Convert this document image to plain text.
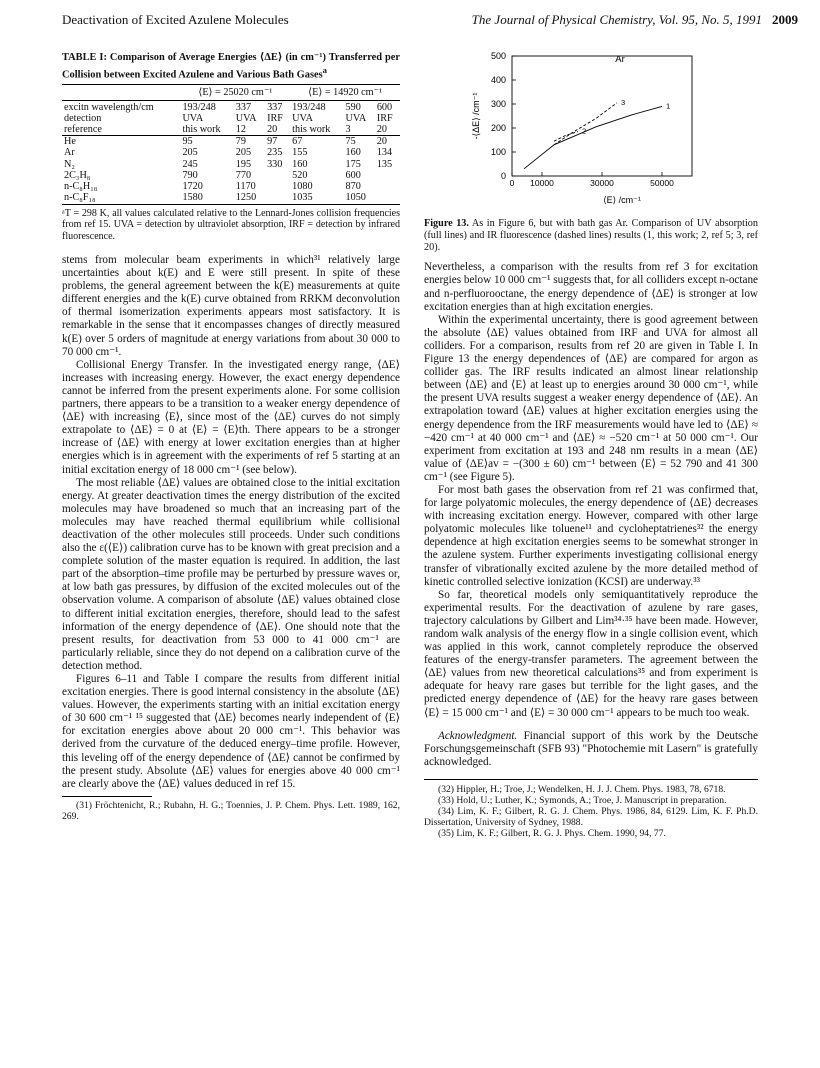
Deactivation of Excited Azulene Molecules	The Journal of Physical Chemistry, Vol. 95, No. 5, 1991 2009
TABLE I: Comparison of Average Energies ⟨ΔE⟩ (in cm⁻¹) Transferred per Collision between Excited Azulene and Various Bath Gases$^a$
	⟨E⟩ = 25020 cm⁻¹			⟨E⟩ = 14920 cm⁻¹		
excitn wavelength/cm	193/248	337	337	193/248	590	600
detection	UVA	UVA	IRF	UVA	UVA	IRF
reference	this work	12	20	this work	3	20
He	95	79	97	67	75	20
Ar	205	205	235	155	160	134
N₂	245	195	330	160	175	135
2C₃H₈	790	770		520	600	
n-C₈H₁₈	1720	1170		1080	870	
n-C₈F₁₈	1580	1250		1035	1050	
ᵃT = 298 K, all values calculated relative to the Lennard-Jones collision frequencies from ref 15. UVA = detection by ultraviolet absorption, IRF = detection by infrared fluorescence.

stems from molecular beam experiments in which³¹ relatively large uncertainties about k(E) and E were still present. In spite of these problems, the general agreement between the k(E) measurements at quite different energies and the k(E) curve obtained from RRKM deconvolution of thermal isomerization experiments appears most satisfactory. It is remarkable in the sense that it encompasses changes of directly measured k(E) over 5 orders of magnitude at energy variations from about 30 000 to 70 000 cm⁻¹.

Collisional Energy Transfer. In the investigated energy range, ⟨ΔE⟩ increases with increasing energy. However, the exact energy dependence cannot be inferred from the present experiments alone. For some collision partners, there appears to be a transition to a weaker energy dependence of ⟨ΔE⟩ with increasing ⟨E⟩, since most of the ⟨ΔE⟩ curves do not simply extrapolate to ⟨ΔE⟩ = 0 at ⟨E⟩ = ⟨E⟩th. There appears to be a stronger increase of ⟨ΔE⟩ with energy at lower excitation energies than at higher energies which is in agreement with the experiments of ref 5 starting at an initial excitation energy of 18 000 cm⁻¹ (see below).

The most reliable ⟨ΔE⟩ values are obtained close to the initial excitation energy. At greater deactivation times the energy distribution of the excited molecules may have broadened so much that an increasing part of the molecules may have reached thermal equilibrium while collisional deactivation of the other molecules still proceeds. Under such conditions also the ε(⟨E⟩) calibration curve has to be known with great precision and a complete solution of the master equation is required. In addition, the last part of the absorption–time profile may be perturbed by pressure waves or, at low bath gas pressures, by diffusion of the excited molecules out of the observation volume. A comparison of absolute ⟨ΔE⟩ values obtained close to different initial excitation energies, therefore, should lead to the safest information of the energy dependence of ⟨ΔE⟩. One should note that the present results, for deactivation from 53 000 to 41 000 cm⁻¹ are particularly reliable, since they do not depend on a calibration curve of the detection method.

Figures 6–11 and Table I compare the results from different initial excitation energies. There is good internal consistency in the absolute ⟨ΔE⟩ values. However, the experiments starting with an initial excitation energy of 30 600 cm⁻¹ ¹⁵ suggested that ⟨ΔE⟩ becomes nearly independent of ⟨E⟩ for excitation energies above about 20 000 cm⁻¹. This behavior was derived from the curvature of the deduced energy–time profile. However, this leveling off of the energy dependence of ⟨ΔE⟩ cannot be confirmed by the present study. Absolute ⟨ΔE⟩ values for energies above 40 000 cm⁻¹ are clearly above the ⟨ΔE⟩ values deduced in ref 15.

(31) Fröchtenicht, R.; Rubahn, H. G.; Toennies, J. P. Chem. Phys. Lett. 1989, 162, 269.
0
100
200
300
400
500
0 10000	30000	50000
⟨E⟩ /cm⁻¹
-⟨ΔE⟩ /cm⁻¹
Ar
1
2
3
Figure 13. As in Figure 6, but with bath gas Ar. Comparison of UV absorption (full lines) and IR fluorescence (dashed lines) results (1, this work; 2, ref 5; 3, ref 20).

Nevertheless, a comparison with the results from ref 3 for excitation energies below 10 000 cm⁻¹ suggests that, for all colliders except n-octane and n-perfluorooctane, the energy dependence of ⟨ΔE⟩ is stronger at low excitation energies than at high excitation energies.

Within the experimental uncertainty, there is good agreement between the absolute ⟨ΔE⟩ values obtained from IRF and UVA for almost all colliders. For a comparison, results from ref 20 are given in Table I. In Figure 13 the energy dependences of ⟨ΔE⟩ are compared for argon as collider gas. The IRF results indicated an almost linear relationship between ⟨ΔE⟩ and ⟨E⟩ at least up to energies around 30 000 cm⁻¹, while the present UVA results suggest a weaker energy dependence of ⟨ΔE⟩. An extrapolation toward ⟨ΔE⟩ values at higher excitation energies using the energy dependence from the IRF measurements would have led to ⟨ΔE⟩ ≈ −420 cm⁻¹ at 40 000 cm⁻¹ and ⟨ΔE⟩ ≈ −520 cm⁻¹ at 50 000 cm⁻¹. Our experiment from excitation at 193 and 248 nm results in a mean ⟨ΔE⟩ value of ⟨ΔE⟩av = −(300 ± 60) cm⁻¹ between ⟨E⟩ = 52 790 and 41 300 cm⁻¹ (see Figure 5).

For most bath gases the observation from ref 21 was confirmed that, for large polyatomic molecules, the energy dependence of ⟨ΔE⟩ decreases with increasing excitation energy. However, compared with other large polyatomic molecules like toluene¹¹ and cycloheptatrienes³² the energy dependence at high excitation energies seems to be somewhat stronger in the azulene system. Further experiments investigating collisional energy transfer of vibrationally excited azulene by the more detailed method of kinetic controlled selective ionization (KCSI) are underway.³³

So far, theoretical models only semiquantitatively reproduce the experimental results. For the deactivation of azulene by rare gases, trajectory calculations by Gilbert and Lim³⁴·³⁵ have been made. However, random walk analysis of the energy flow in a single collision event, which was applied in this work, cannot completely reproduce the observed features of the energy-transfer parameters. The agreement between the ⟨ΔE⟩ values from new theoretical calculations³⁵ and from experiment is adequate for heavy rare gases but terrible for the light gases, and the predicted energy dependence of ⟨ΔE⟩ for the heavy rare gases between ⟨E⟩ = 15 000 cm⁻¹ and ⟨E⟩ = 30 000 cm⁻¹ appears to be much too weak.

Acknowledgment. Financial support of this work by the Deutsche Forschungsgemeinschaft (SFB 93) "Photochemie mit Lasern" is gratefully acknowledged.

(32) Hippler, H.; Troe, J.; Wendelken, H. J. J. Chem. Phys. 1983, 78, 6718.
(33) Hold, U.; Luther, K.; Symonds, A.; Troe, J. Manuscript in preparation.
(34) Lim, K. F.; Gilbert, R. G. J. Chem. Phys. 1986, 84, 6129. Lim, K. F. Ph.D. Dissertation, University of Sydney, 1988.
(35) Lim, K. F.; Gilbert, R. G. J. Phys. Chem. 1990, 94, 77.
